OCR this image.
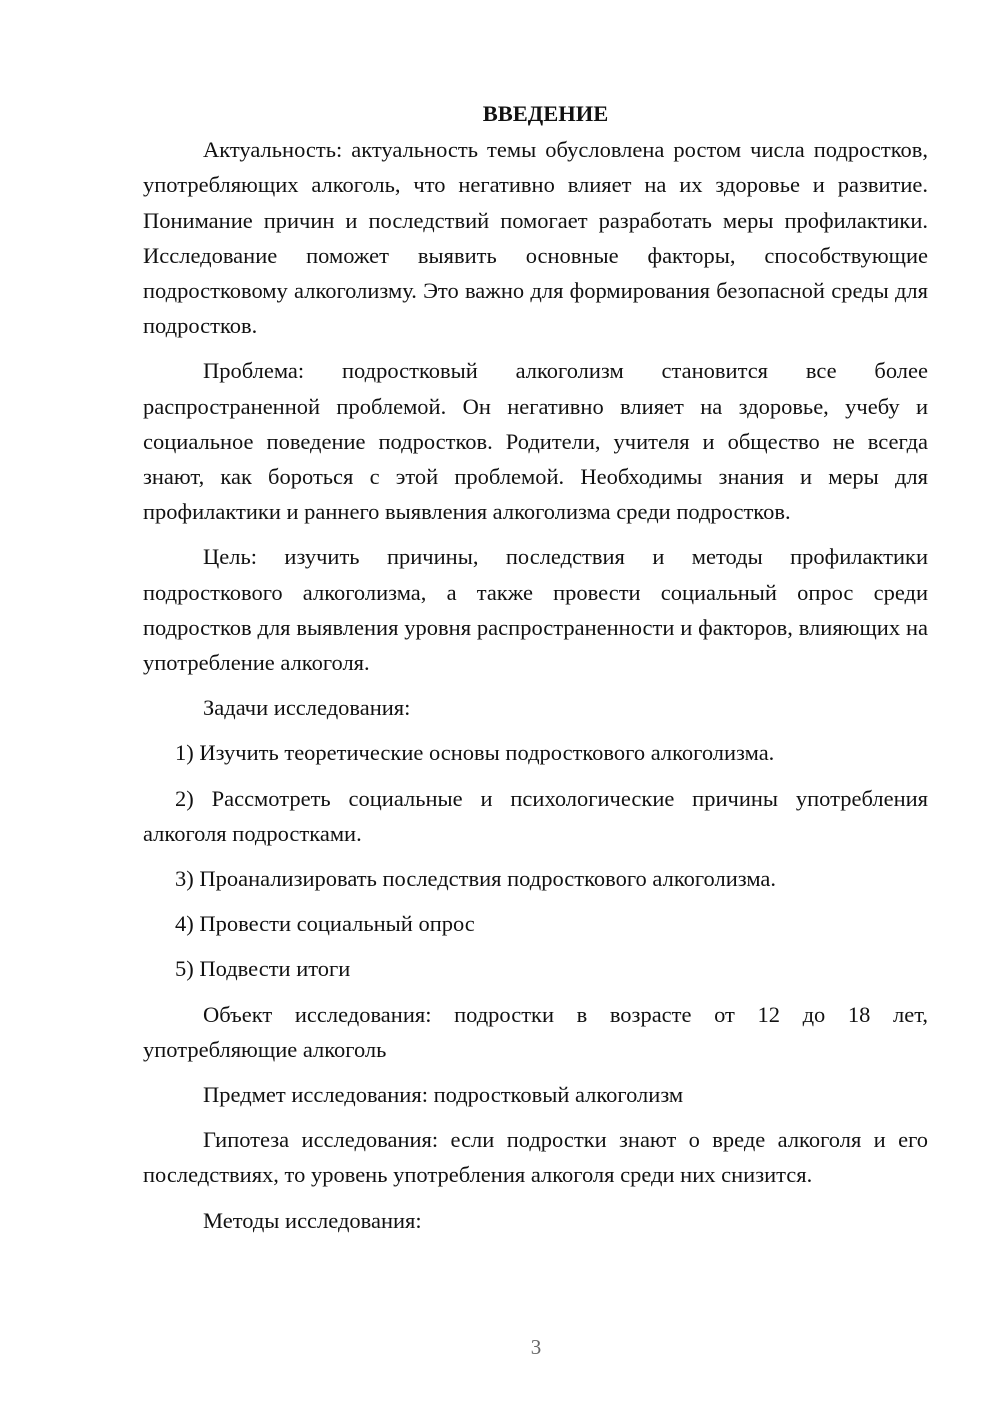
ВВЕДЕНИЕ

Актуальность: актуальность темы обусловлена ростом числа подростков, употребляющих алкоголь, что негативно влияет на их здоровье и развитие. Понимание причин и последствий помогает разработать меры профилактики. Исследование поможет выявить основные факторы, способствующие подростковому алкоголизму. Это важно для формирования безопасной среды для подростков.

Проблема: подростковый алкоголизм становится все более распространенной проблемой. Он негативно влияет на здоровье, учебу и социальное поведение подростков. Родители, учителя и общество не всегда знают, как бороться с этой проблемой. Необходимы знания и меры для профилактики и раннего выявления алкоголизма среди подростков.

Цель: изучить причины, последствия и методы профилактики подросткового алкоголизма, а также провести социальный опрос среди подростков для выявления уровня распространенности и факторов, влияющих на употребление алкоголя.

Задачи исследования:

1) Изучить теоретические основы подросткового алкоголизма.

2) Рассмотреть социальные и психологические причины употребления алкоголя подростками.

3) Проанализировать последствия подросткового алкоголизма.

4) Провести социальный опрос

5) Подвести итоги

Объект исследования: подростки в возрасте от 12 до 18 лет, употребляющие алкоголь

Предмет исследования: подростковый алкоголизм

Гипотеза исследования: если подростки знают о вреде алкоголя и его последствиях, то уровень употребления алкоголя среди них снизится.

Методы исследования:

3
